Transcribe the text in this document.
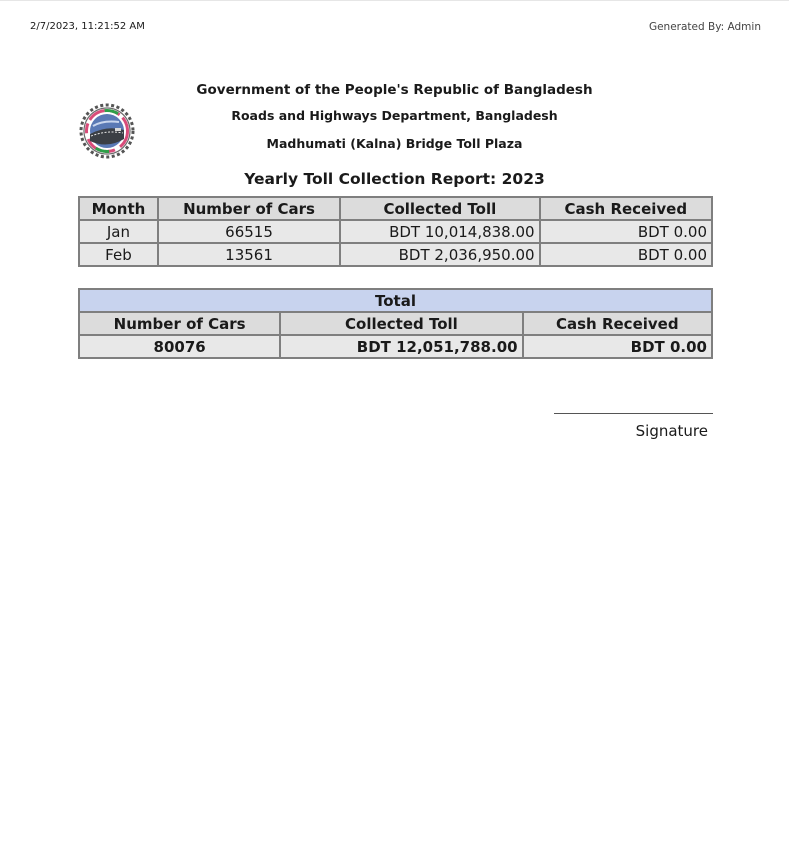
2/7/2023, 11:21:52 AM	Generated By: Admin
Government of the People's Republic of Bangladesh
Roads and Highways Department, Bangladesh
Madhumati (Kalna) Bridge Toll Plaza
Yearly Toll Collection Report: 2023
Month	Number of Cars	Collected Toll	Cash Received
Jan	66515	BDT 10,014,838.00	BDT 0.00
Feb	13561	BDT 2,036,950.00	BDT 0.00
Total		
Number of Cars	Collected Toll	Cash Received
80076	BDT 12,051,788.00	BDT 0.00
Signature
